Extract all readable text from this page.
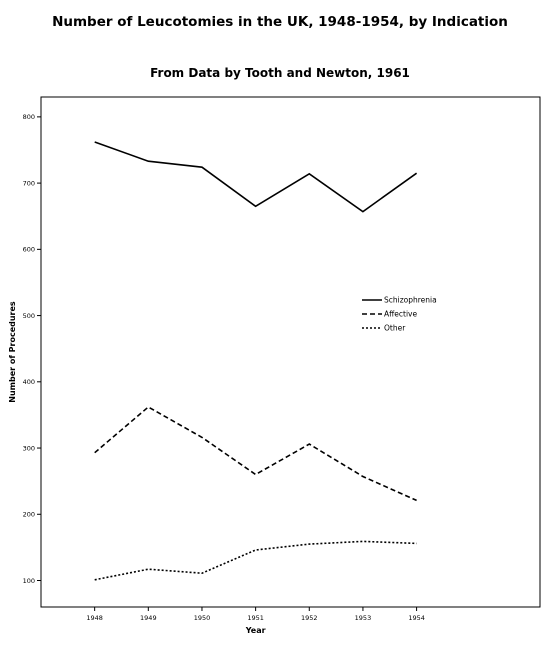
Number of Leucotomies in the UK, 1948-1954, by Indication
From Data by Tooth and Newton, 1961
100
200
300
400
500
600
700
800
1948	1949	1950	1951	1952	1953	1954
Schizophrenia
Affective
Other
Year
Number of Procedures
